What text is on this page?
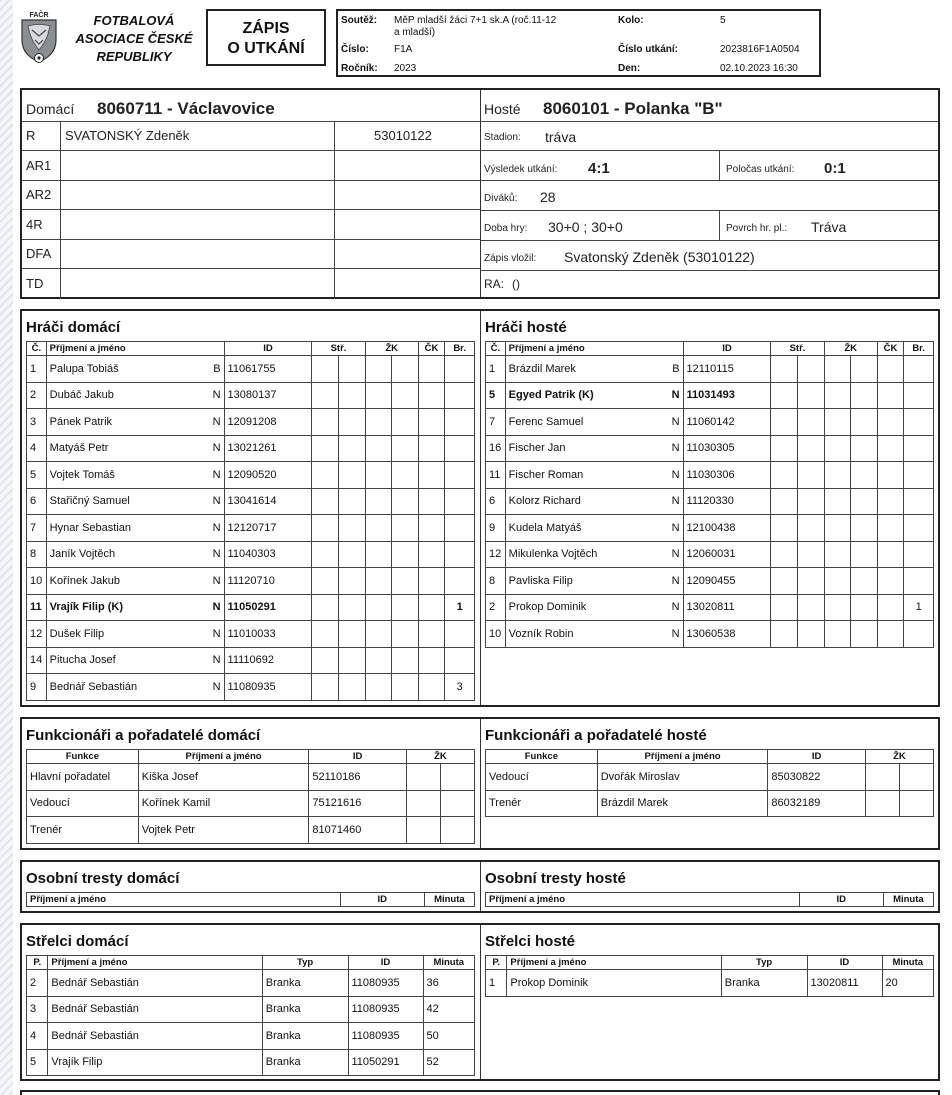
FAČR	FOTBALOVÁ
ASOCIACE ČESKÉ
REPUBLIKY
ZÁPIS
O UTKÁNÍ
Soutěž: MěP mladší žáci 7+1 sk.A (roč.11-12
a mladší)
Číslo:	F1A
Ročník: 2023
Kolo:	5
Číslo utkání:	2023816F1A0504
Den:	02.10.2023 16:30
Domácí 8060711 - Václavovice
R SVATONSKÝ Zdeněk	53010122
AR1
AR2
4R
DFA
TD
Hosté 8060101 - Polanka "B"
Stadion: tráva
Výsledek utkání: 4:1	Poločas utkání: 0:1
Diváků: 28
Doba hry: 30+0 ; 30+0	Povrch hr. pl.: Tráva
Zápis vložil: Svatonský Zdeněk (53010122)
RA: ()
Hráči domácí
Č.	Příjmení a jméno	ID	Stř.		ŽK		ČK	Br.
1	Palupa Tobiáš B	11061755						
2	Dubáč Jakub N	13080137						
3	Pánek Patrik N	12091208						
4	Matyáš Petr N	13021261						
5	Vojtek Tomáš N	12090520						
6	Stařičný Samuel N	13041614						
7	Hynar Sebastian N	12120717						
8	Janík Vojtěch N	11040303						
10	Kořínek Jakub N	11120710						
11	Vrajík Filip (K) N	11050291						1
12	Dušek Filip N	11010033						
14	Pitucha Josef N	11110692						
9	Bednář Sebastián N	11080935						3
Hráči hosté
Č.	Příjmení a jméno	ID	Stř.		ŽK		ČK	Br.
1	Brázdil Marek B	12110115						
5	Egyed Patrik (K) N	11031493						
7	Ferenc Samuel N	11060142						
16	Fischer Jan N	11030305						
11	Fischer Roman N	11030306						
6	Kolorz Richard N	11120330						
9	Kudela Matyáš N	12100438						
12	Mikulenka Vojtěch N	12060031						
8	Pavliska Filip N	12090455						
2	Prokop Dominik N	13020811						1
10	Vozník Robin N	13060538						
Funkcionáři a pořadatelé domácí
Funkce	Příjmení a jméno	ID	ŽK	
Hlavní pořadatel	Kiška Josef	52110186		
Vedoucí	Kořínek Kamil	75121616		
Trenér	Vojtek Petr	81071460		
Funkcionáři a pořadatelé hosté
Funkce	Příjmení a jméno	ID	ŽK	
Vedoucí	Dvořák Miroslav	85030822		
Trenér	Brázdil Marek	86032189		
Osobní tresty domácí
Příjmení a jméno	ID	Minuta
Osobní tresty hosté
Příjmení a jméno	ID	Minuta
Střelci domácí
P.	Příjmení a jméno	Typ	ID	Minuta
2	Bednář Sebastián	Branka	11080935	36
3	Bednář Sebastián	Branka	11080935	42
4	Bednář Sebastián	Branka	11080935	50
5	Vrajík Filip	Branka	11050291	52
Střelci hosté
P.	Příjmení a jméno	Typ	ID	Minuta
1	Prokop Dominik	Branka	13020811	20
